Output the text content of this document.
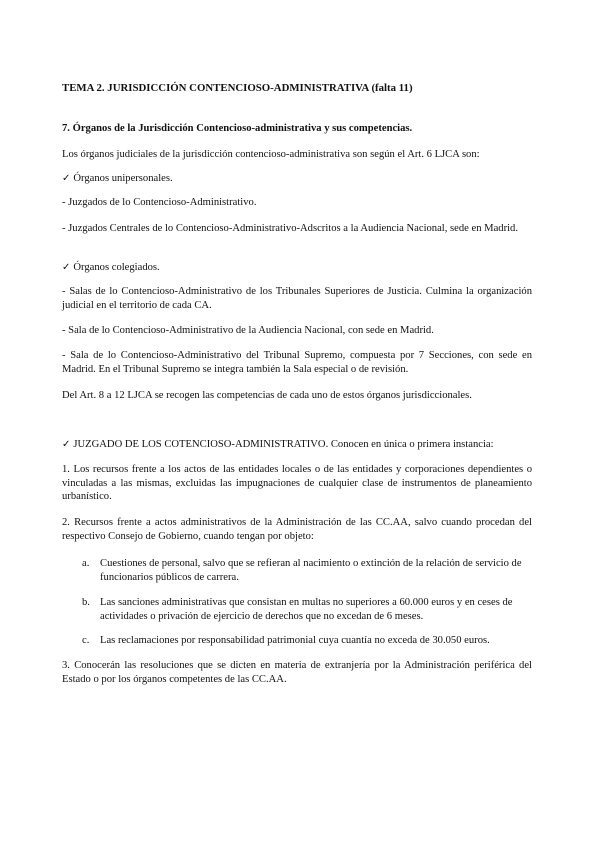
TEMA 2. JURISDICCIÓN CONTENCIOSO-ADMINISTRATIVA (falta 11)

7. Órganos de la Jurisdicción Contencioso-administrativa y sus competencias.

Los órganos judiciales de la jurisdicción contencioso-administrativa son según el Art. 6 LJCA son:

✓ Órganos unipersonales.

- Juzgados de lo Contencioso-Administrativo.

- Juzgados Centrales de lo Contencioso-Administrativo-Adscritos a la Audiencia Nacional, sede en Madrid.

✓ Órganos colegiados.

- Salas de lo Contencioso-Administrativo de los Tribunales Superiores de Justicia. Culmina la organización judicial en el territorio de cada CA.

- Sala de lo Contencioso-Administrativo de la Audiencia Nacional, con sede en Madrid.

- Sala de lo Contencioso-Administrativo del Tribunal Supremo, compuesta por 7 Secciones, con sede en Madrid. En el Tribunal Supremo se integra también la Sala especial o de revisión.

Del Art. 8 a 12 LJCA se recogen las competencias de cada uno de estos órganos jurisdiccionales.

✓ JUZGADO DE LOS COTENCIOSO-ADMINISTRATIVO. Conocen en única o primera instancia:

1. Los recursos frente a los actos de las entidades locales o de las entidades y corporaciones dependientes o vinculadas a las mismas, excluidas las impugnaciones de cualquier clase de instrumentos de planeamiento urbanístico.

2. Recursos frente a actos administrativos de la Administración de las CC.AA, salvo cuando procedan del respectivo Consejo de Gobierno, cuando tengan por objeto:

a.	Cuestiones de personal, salvo que se refieran al nacimiento o extinción de la relación de servicio de funcionarios públicos de carrera.
b. Las sanciones administrativas que consistan en multas no superiores a 60.000 euros y en ceses de actividades o privación de ejercicio de derechos que no excedan de 6 meses.
c.	Las reclamaciones por responsabilidad patrimonial cuya cuantía no exceda de 30.050 euros.

3. Conocerán las resoluciones que se dicten en materia de extranjería por la Administración periférica del Estado o por los órganos competentes de las CC.AA.
